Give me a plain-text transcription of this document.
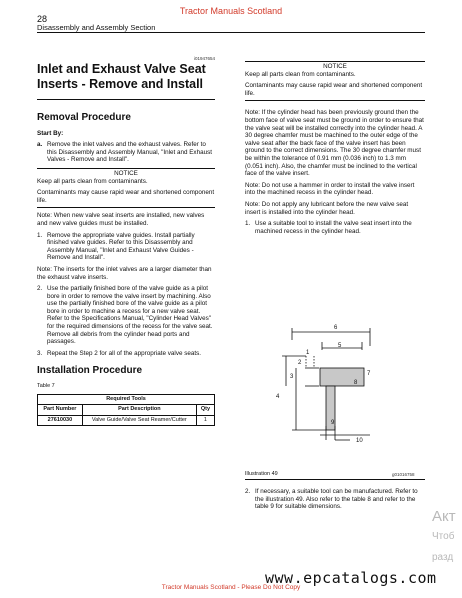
Tractor Manuals Scotland
28
Disassembly and Assembly Section
i01947654
Inlet and Exhaust Valve Seat Inserts - Remove and Install
Removal Procedure

Start By:

a. Remove the inlet valves and the exhaust valves. Refer to this Disassembly and Assembly Manual, "Inlet and Exhaust Valves - Remove and Install".
NOTICE

Keep all parts clean from contaminants.

Contaminants may cause rapid wear and shortened component life.

Note: When new valve seat inserts are installed, new valves and new valve guides must be installed.

1. Remove the appropriate valve guides. Install partially finished valve guides. Refer to this Disassembly and Assembly Manual, "Inlet and Exhaust Valve Guides - Remove and Install".

Note: The inserts for the inlet valves are a larger diameter than the exhaust valve inserts.

2. Use the partially finished bore of the valve guide as a pilot bore in order to remove the valve insert by machining. Also use the partially finished bore of the valve guide as a pilot bore in order to machine a recess for a new valve seat. Refer to the Specifications Manual, "Cylinder Head Valves" for the required dimensions of the recess for the valve seat. Remove all debris from the cylinder head ports and passages.
3. Repeat the Step 2 for all of the appropriate valve seats.
Installation Procedure
Table 7
Required Tools		
Part Number	Part Description	Qty
27610030	Valve Guide/Valve Seat Reamer/Cutter	1
NOTICE

Keep all parts clean from contaminants.

Contaminants may cause rapid wear and shortened component life.

Note: If the cylinder head has been previously ground then the bottom face of valve seat must be ground in order to ensure that the valve seat will be installed correctly into the cylinder head. A 30 degree chamfer must be machined to the outer edge of the valve seat after the back face of the valve insert has been ground to the correct dimensions. The 30 degree chamfer must be within the tolerance of 0.91 mm (0.036 inch) to 1.3 mm (0.051 inch). Also, the chamfer must be inclined to the vertical face of the valve insert.

Note: Do not use a hammer in order to install the valve insert into the machined recess in the cylinder head.

Note: Do not apply any lubricant before the new valve seat insert is installed into the cylinder head.

1. Use a suitable tool to install the valve seat insert into the machined recess in the cylinder head.
6
5
1
2
3
4
7
8
9
10
Illustration 49	g01016758
2. If necessary, a suitable tool can be manufactured. Refer to the illustration 49. Also refer to the table 8 and refer to the table 9 for suitable dimensions.
Акт
Чтоб
разд
www.epcatalogs.com
Tractor Manuals Scotland - Please Do Not Copy
